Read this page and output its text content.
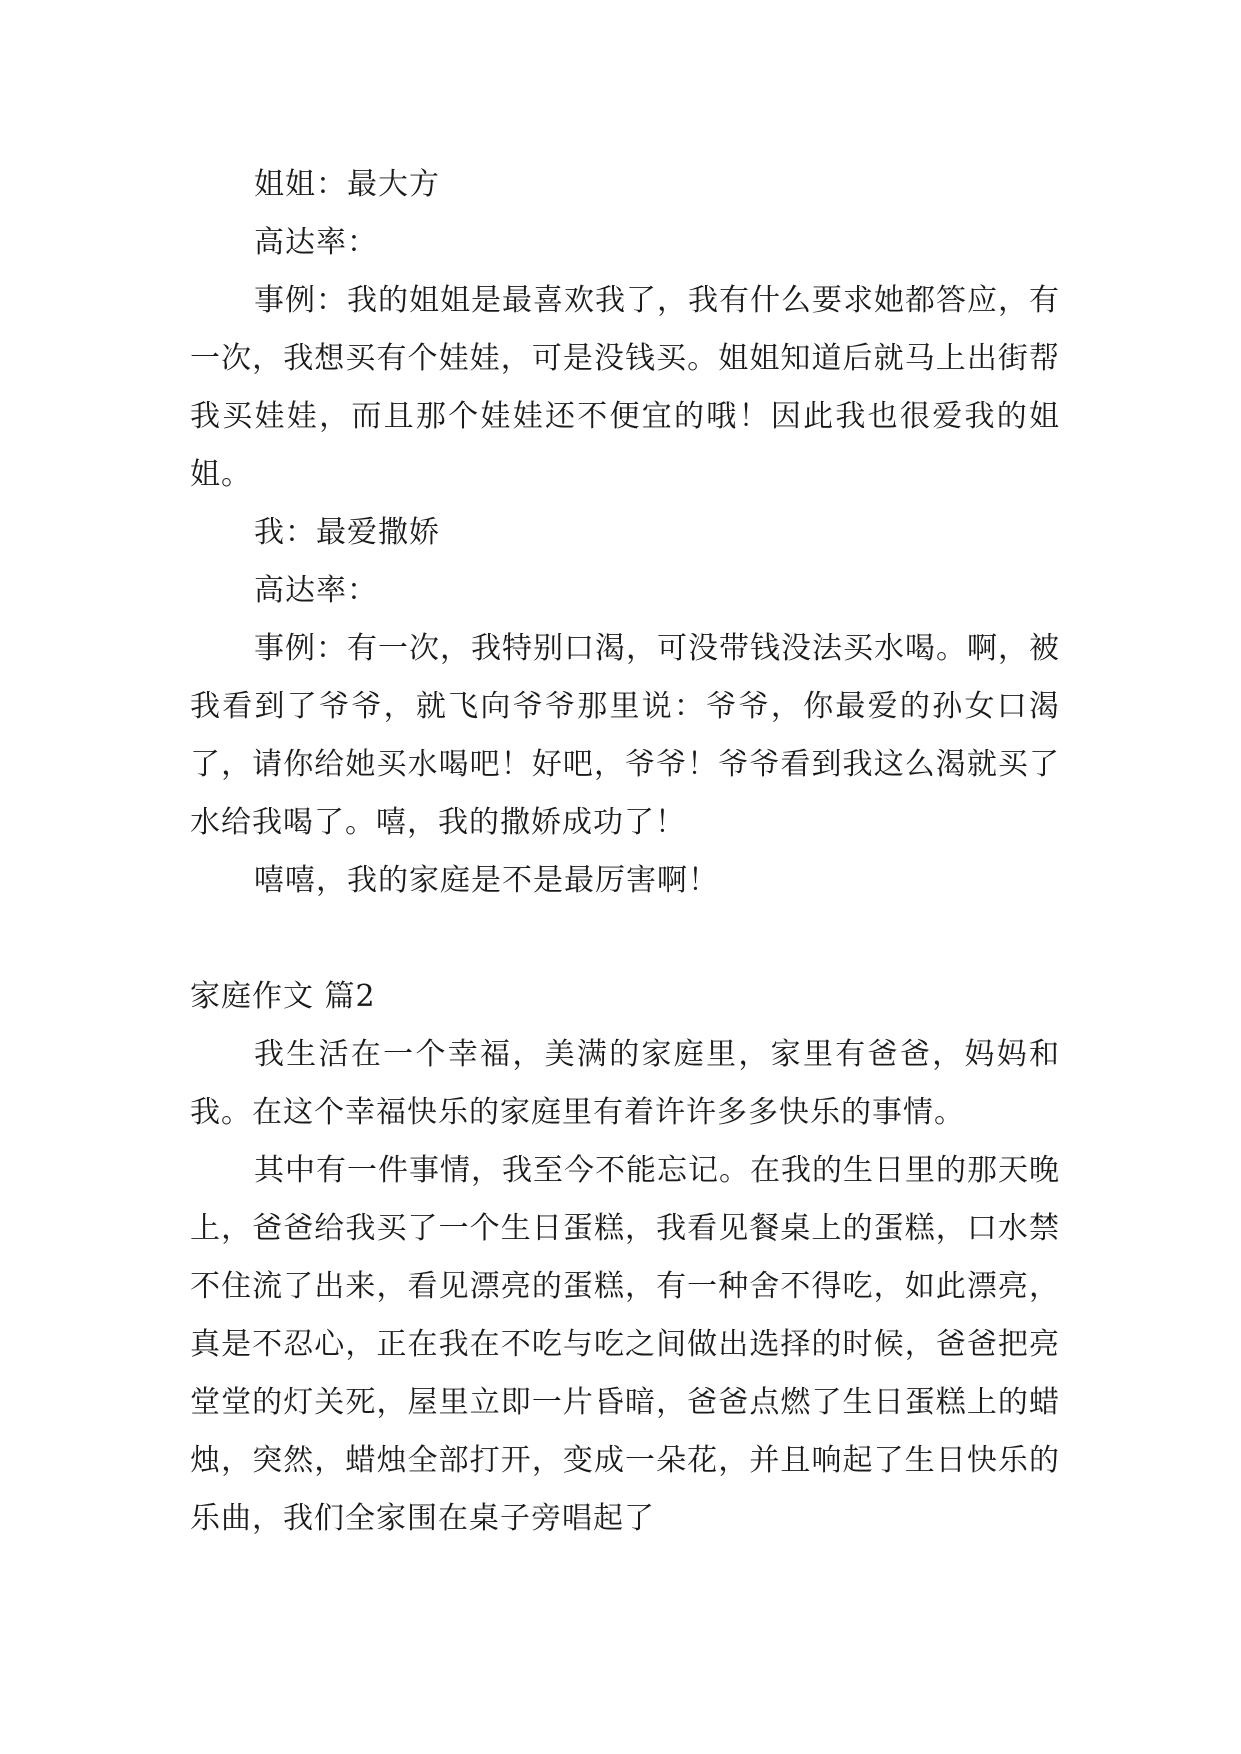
姐姐：最大方

高达率：

事例：我的姐姐是最喜欢我了，我有什么要求她都答应，有一次，我想买有个娃娃，可是没钱买。姐姐知道后就马上出街帮我买娃娃，而且那个娃娃还不便宜的哦！因此我也很爱我的姐姐。

我：最爱撒娇

高达率：

事例：有一次，我特别口渴，可没带钱没法买水喝。啊，被我看到了爷爷，就飞向爷爷那里说：爷爷，你最爱的孙女口渴了，请你给她买水喝吧！好吧，爷爷！爷爷看到我这么渴就买了水给我喝了。嘻，我的撒娇成功了！

嘻嘻，我的家庭是不是最厉害啊！

家庭作文 篇2

我生活在一个幸福，美满的家庭里，家里有爸爸，妈妈和我。在这个幸福快乐的家庭里有着许许多多快乐的事情。

其中有一件事情，我至今不能忘记。在我的生日里的那天晚上，爸爸给我买了一个生日蛋糕，我看见餐桌上的蛋糕，口水禁不住流了出来，看见漂亮的蛋糕，有一种舍不得吃，如此漂亮，真是不忍心，正在我在不吃与吃之间做出选择的时候，爸爸把亮堂堂的灯关死，屋里立即一片昏暗，爸爸点燃了生日蛋糕上的蜡烛，突然，蜡烛全部打开，变成一朵花，并且响起了生日快乐的乐曲，我们全家围在桌子旁唱起了
